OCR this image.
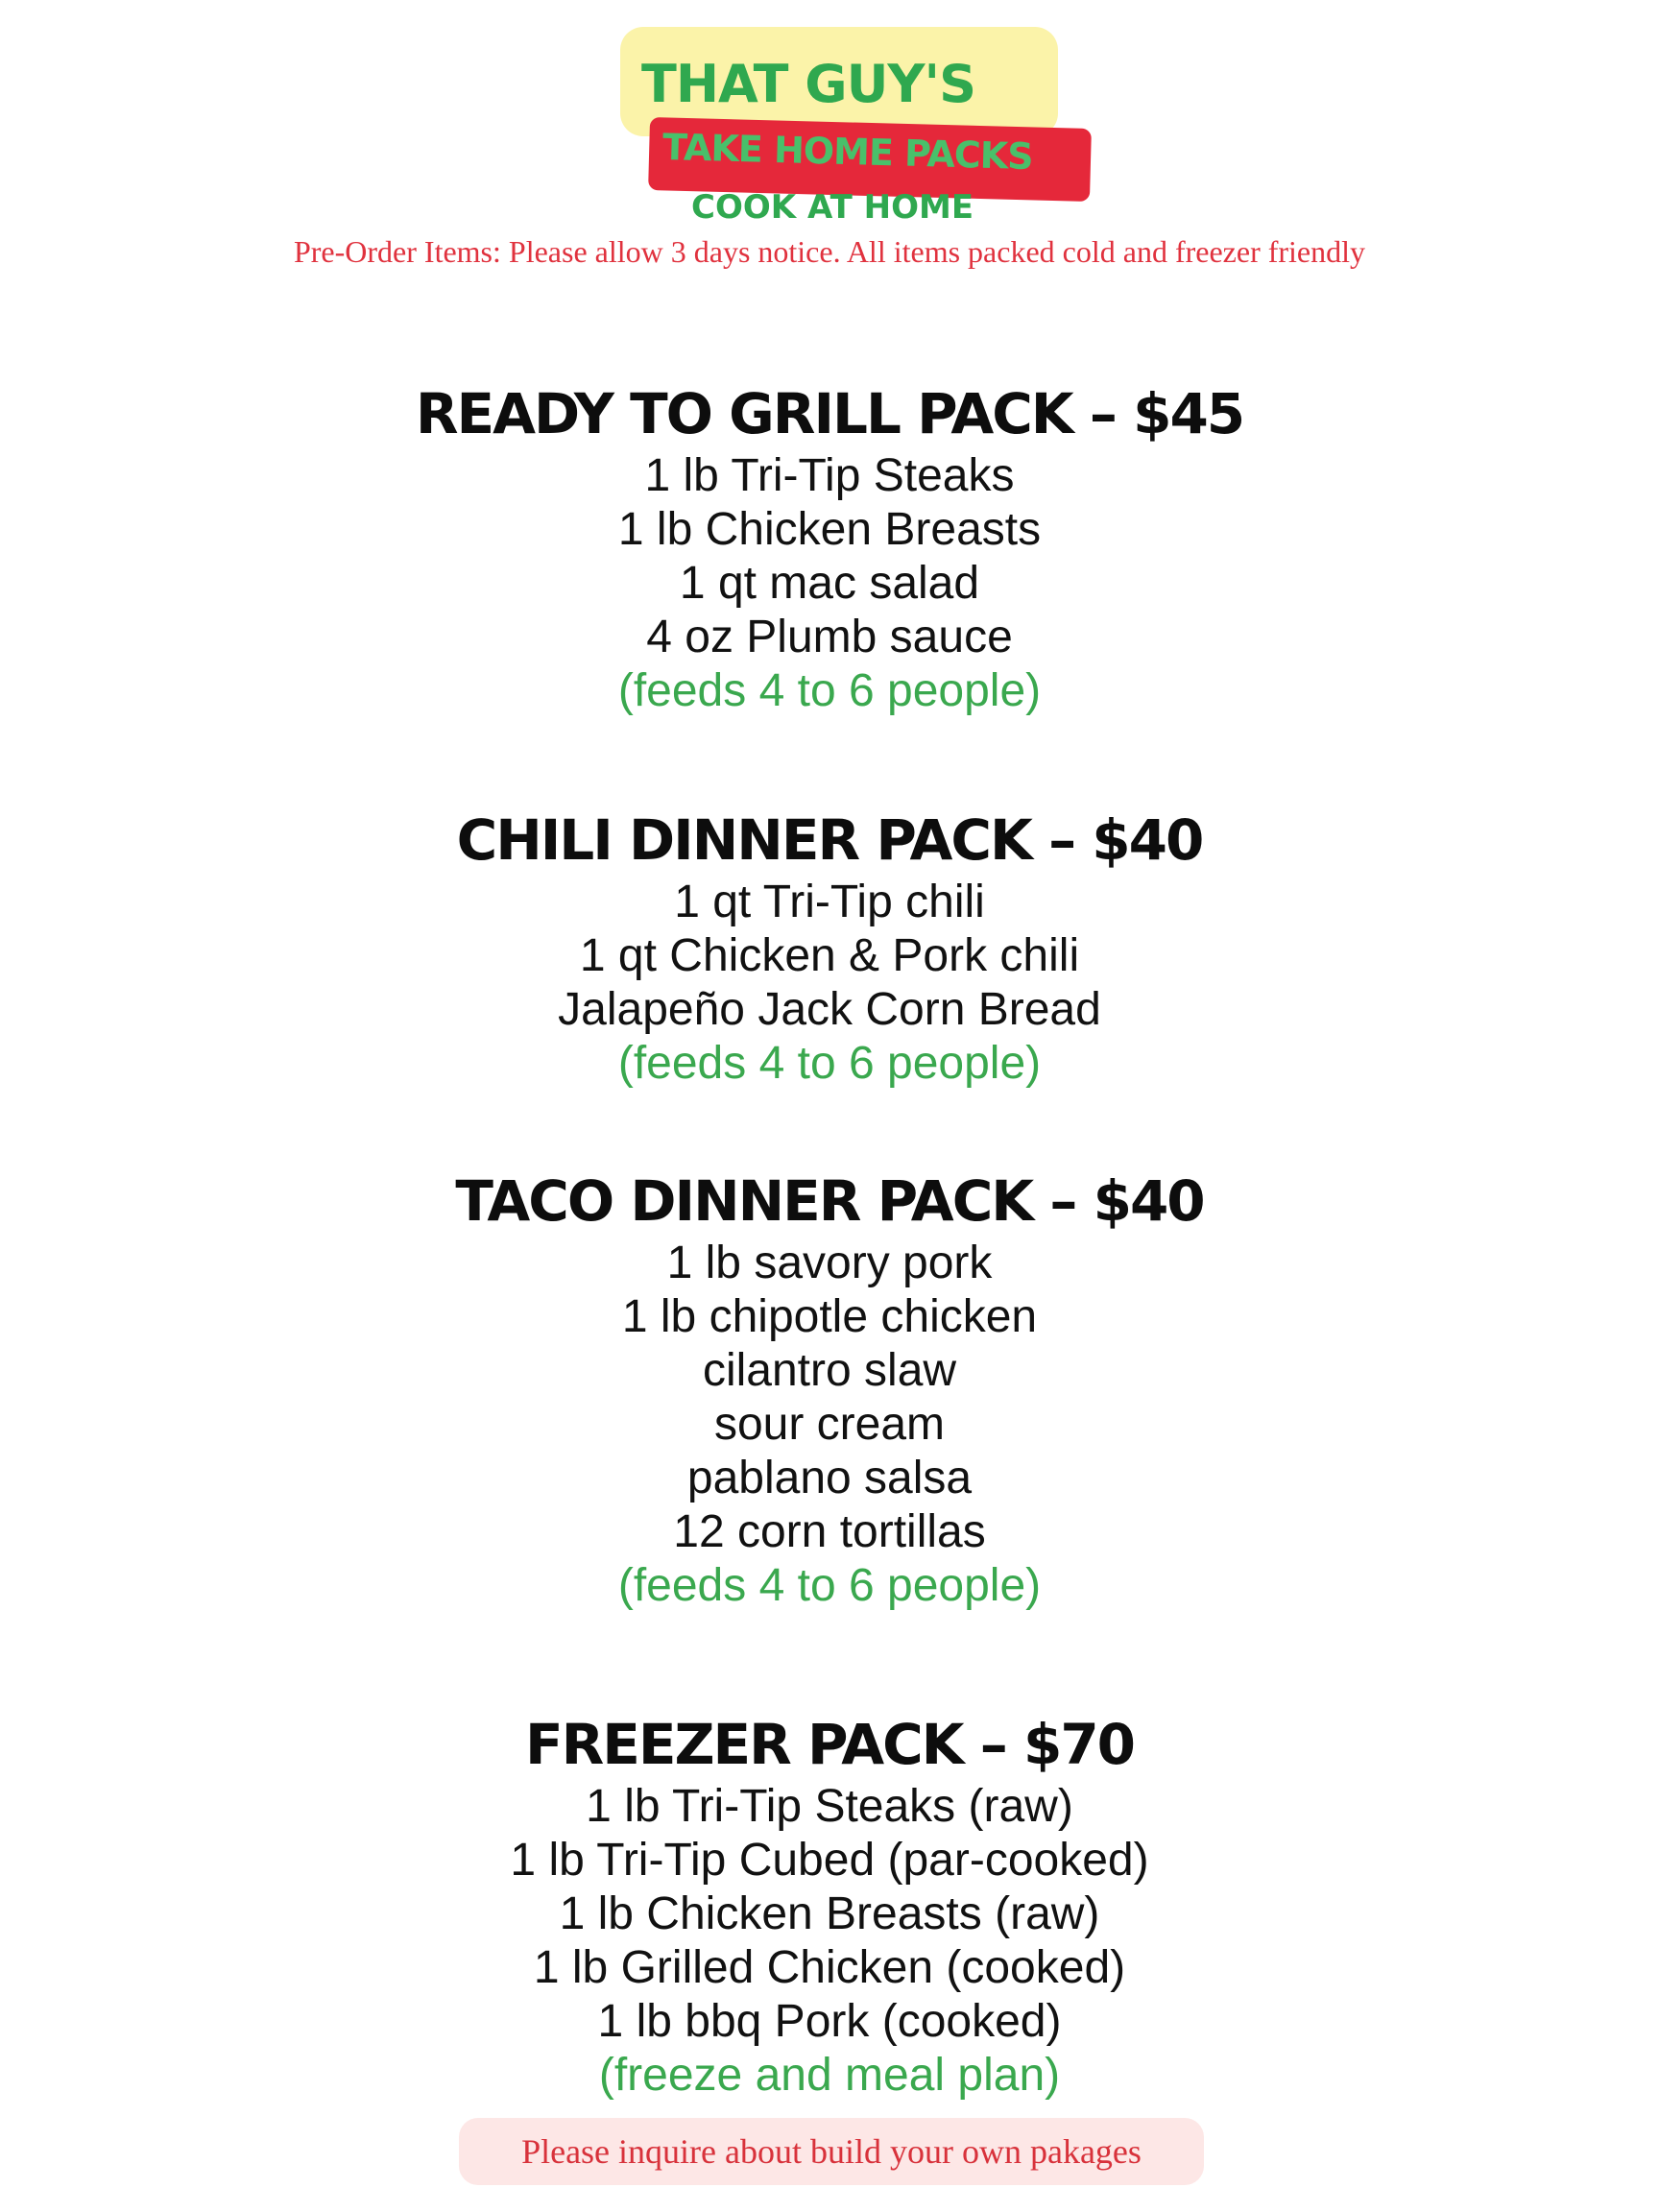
THAT GUY'S
TAKE HOME PACKS
COOK AT HOME
Pre-Order Items: Please allow 3 days notice. All items packed cold and freezer friendly
READY TO GRILL PACK – $45
1 lb Tri-Tip Steaks
1 lb Chicken Breasts
1 qt mac salad
4 oz Plumb sauce
(feeds 4 to 6 people)
CHILI DINNER PACK – $40
1 qt Tri-Tip chili
1 qt Chicken & Pork chili
Jalapeño Jack Corn Bread
(feeds 4 to 6 people)
TACO DINNER PACK – $40
1 lb savory pork
1 lb chipotle chicken
cilantro slaw
sour cream
pablano salsa
12 corn tortillas
(feeds 4 to 6 people)
FREEZER PACK – $70
1 lb Tri-Tip Steaks (raw)
1 lb Tri-Tip Cubed (par-cooked)
1 lb Chicken Breasts (raw)
1 lb Grilled Chicken (cooked)
1 lb bbq Pork (cooked)
(freeze and meal plan)
Please inquire about build your own pakages
